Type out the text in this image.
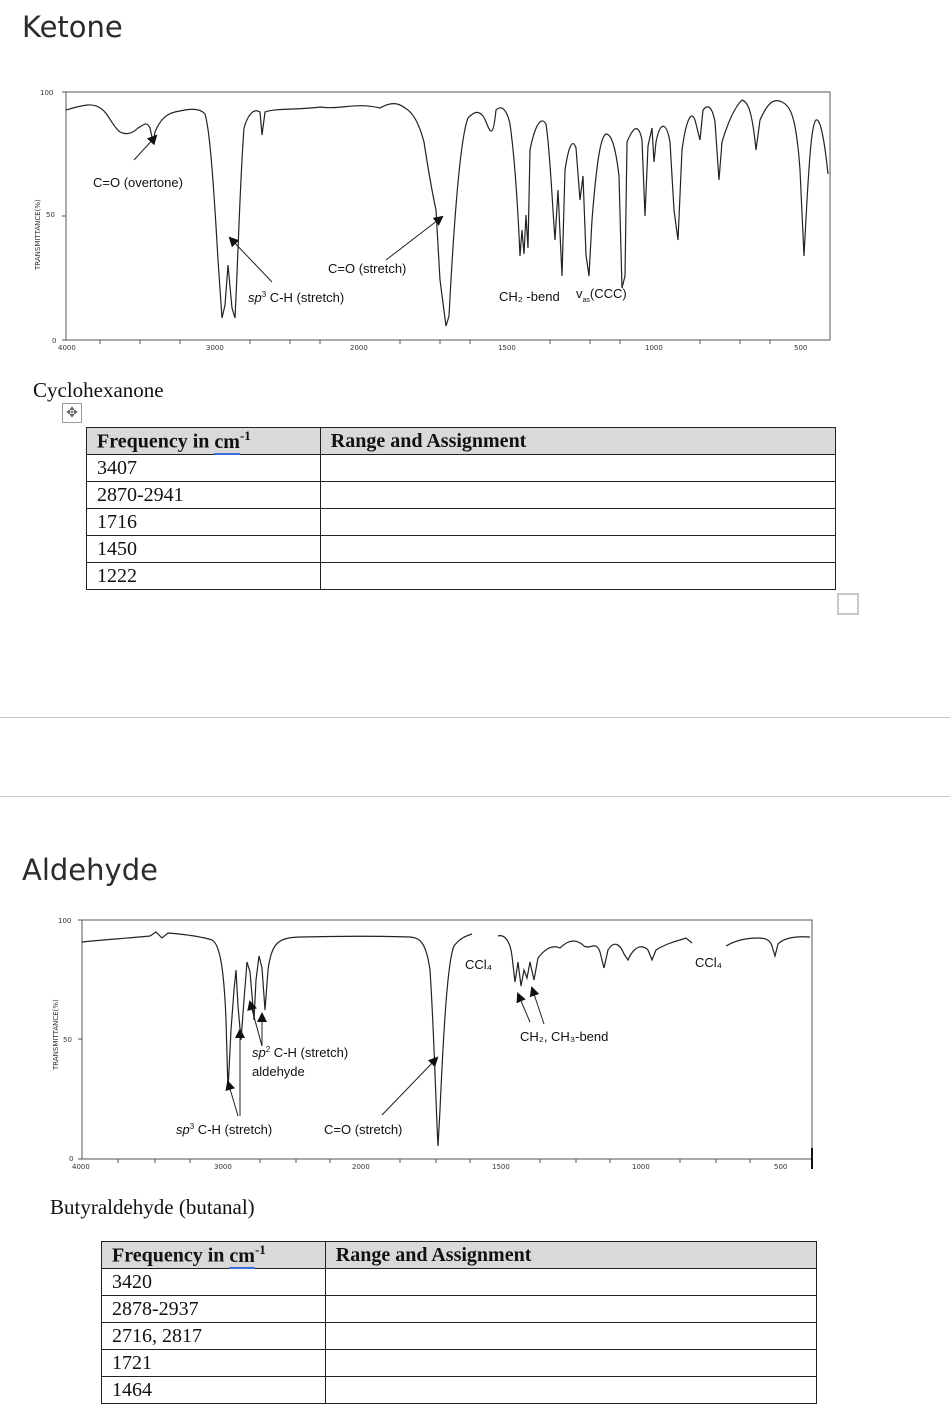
Ketone
TRANSMITTANCE(%)
100
50
0
4000	3000	2000	1500	1000	500
C=O (overtone)
$sp^3$ C-H (stretch)
C=O (stretch)
CH₂ -bend $v_{as}(CCC)$
Cyclohexanone
✥
Frequency in $cm^{-1}$	Range and Assignment
3407	
2870-2941	
1716	
1450	
1222	
Aldehyde
TRANSMITTANCE(%)
100
50
0
4000	3000	2000	1500	1000	500
CCl₄	CCl₄
CH₂, CH₃-bend
$sp^2$ C-H (stretch)
aldehyde
$sp^3$ C-H (stretch)	C=O (stretch)
Butyraldehyde (butanal)
Frequency in $cm^{-1}$	Range and Assignment
3420	
2878-2937	
2716, 2817	
1721	
1464	
